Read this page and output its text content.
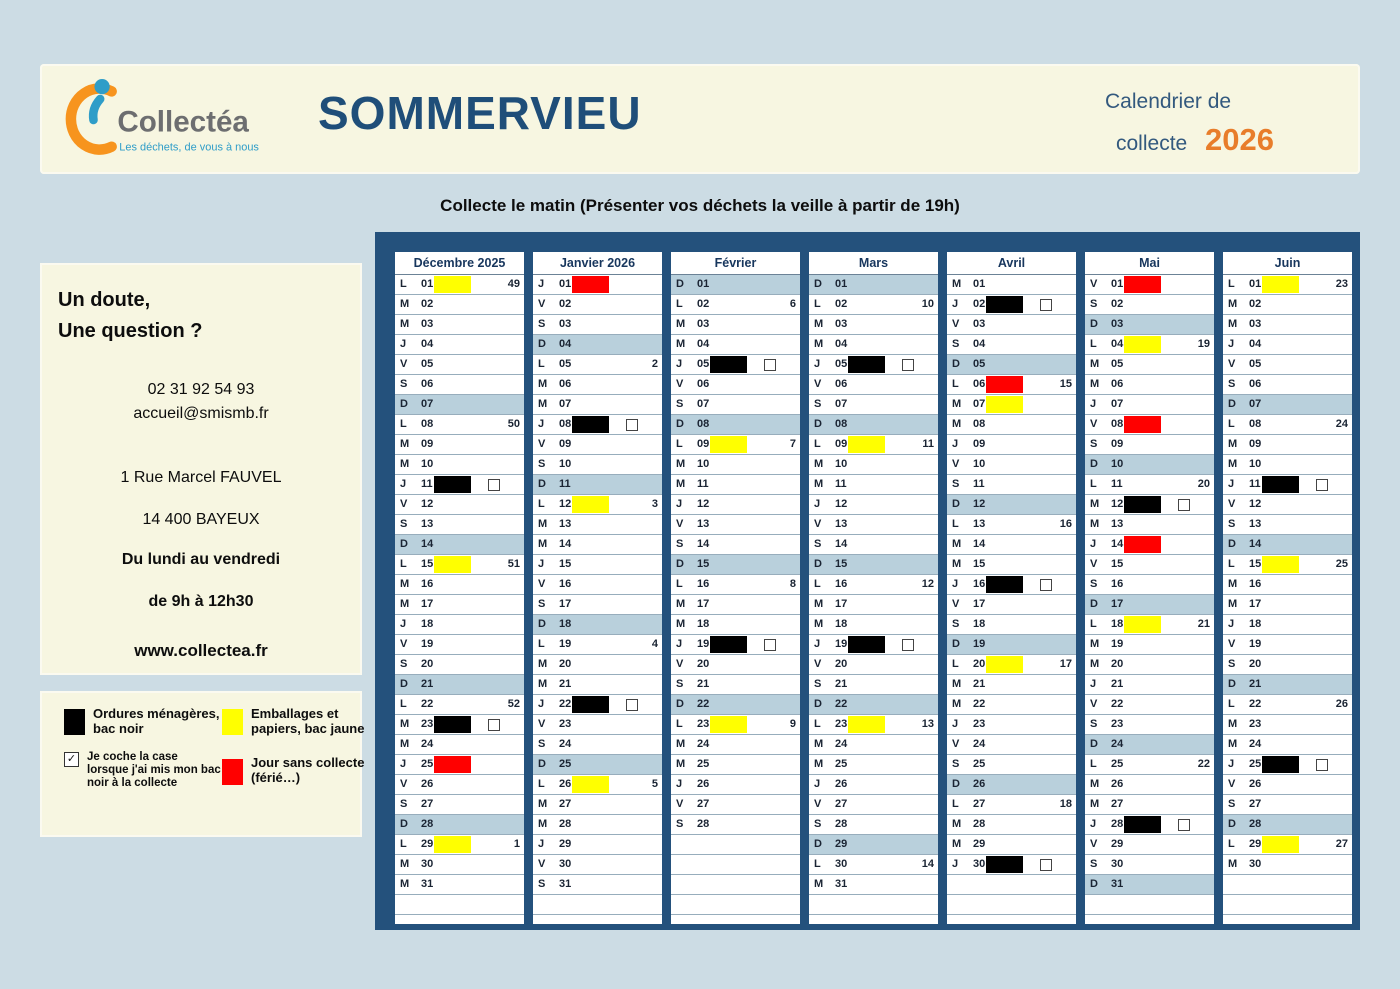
Collectéa
Les déchets, de vous à nous
SOMMERVIEU	Calendrier de
collecte 2026
Collecte le matin (Présenter vos déchets la veille à partir de 19h)
Un doute,
Une question ?
02 31 92 54 93
accueil@smismb.fr
1 Rue Marcel FAUVEL
14 400 BAYEUX
Du lundi au vendredi
de 9h à 12h30
www.collectea.fr
Ordures ménagères, bac noir
Emballages et papiers, bac jaune
✓ Je coche la case lorsque j'ai mis mon bac noir à la collecte
Jour sans collecte (férié…)
Décembre 2025
L 01	49
M 02
M 03
J 04
V 05
S 06
D 07
L 08	50
M 09
M 10
J 11
V 12
S 13
D 14
L 15	51
M 16
M 17
J 18
V 19
S 20
D 21
L 22	52
M 23
M 24
J 25
V 26
S 27
D 28
L 29	1
M 30
M 31
Janvier 2026
J 01
V 02
S 03
D 04
L 05	2
M 06
M 07
J 08
V 09
S 10
D 11
L 12	3
M 13
M 14
J 15
V 16
S 17
D 18
L 19	4
M 20
M 21
J 22
V 23
S 24
D 25
L 26	5
M 27
M 28
J 29
V 30
S 31
Février
D 01
L 02	6
M 03
M 04
J 05
V 06
S 07
D 08
L 09	7
M 10
M 11
J 12
V 13
S 14
D 15
L 16	8
M 17
M 18
J 19
V 20
S 21
D 22
L 23	9
M 24
M 25
J 26
V 27
S 28
Mars
D 01
L 02	10
M 03
M 04
J 05
V 06
S 07
D 08
L 09	11
M 10
M 11
J 12
V 13
S 14
D 15
L 16	12
M 17
M 18
J 19
V 20
S 21
D 22
L 23	13
M 24
M 25
J 26
V 27
S 28
D 29
L 30	14
M 31
Avril
M 01
J 02
V 03
S 04
D 05
L 06	15
M 07
M 08
J 09
V 10
S 11
D 12
L 13	16
M 14
M 15
J 16
V 17
S 18
D 19
L 20	17
M 21
M 22
J 23
V 24
S 25
D 26
L 27	18
M 28
M 29
J 30
Mai
V 01
S 02
D 03
L 04	19
M 05
M 06
J 07
V 08
S 09
D 10
L 11	20
M 12
M 13
J 14
V 15
S 16
D 17
L 18	21
M 19
M 20
J 21
V 22
S 23
D 24
L 25	22
M 26
M 27
J 28
V 29
S 30
D 31
Juin
L 01	23
M 02
M 03
J 04
V 05
S 06
D 07
L 08	24
M 09
M 10
J 11
V 12
S 13
D 14
L 15	25
M 16
M 17
J 18
V 19
S 20
D 21
L 22	26
M 23
M 24
J 25
V 26
S 27
D 28
L 29	27
M 30
